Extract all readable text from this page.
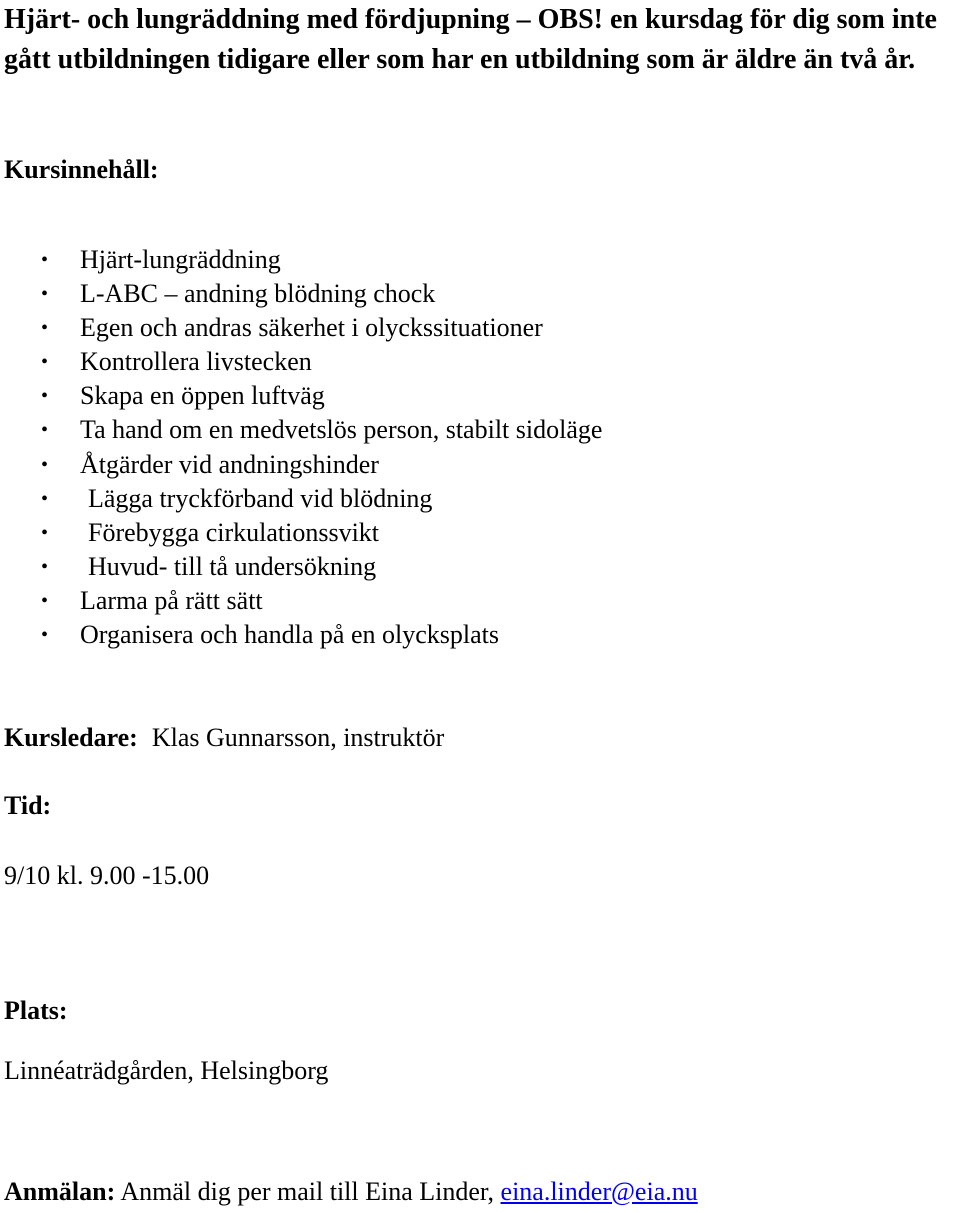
Hjärt- och lungräddning med fördjupning – OBS! en kursdag för dig som inte gått utbildningen tidigare eller som har en utbildning som är äldre än två år.
Kursinnehåll:
• Hjärt-lungräddning
• L-ABC – andning blödning chock
• Egen och andras säkerhet i olyckssituationer
• Kontrollera livstecken
• Skapa en öppen luftväg
• Ta hand om en medvetslös person, stabilt sidoläge
• Åtgärder vid andningshinder
• Lägga tryckförband vid blödning
• Förebygga cirkulationssvikt
• Huvud- till tå undersökning
• Larma på rätt sätt
• Organisera och handla på en olycksplats

Kursledare: Klas Gunnarsson, instruktör

Tid:

9/10 kl. 9.00 -15.00

Plats:

Linnéaträdgården, Helsingborg

Anmälan: Anmäl dig per mail till Eina Linder, eina.linder@eia.nu
